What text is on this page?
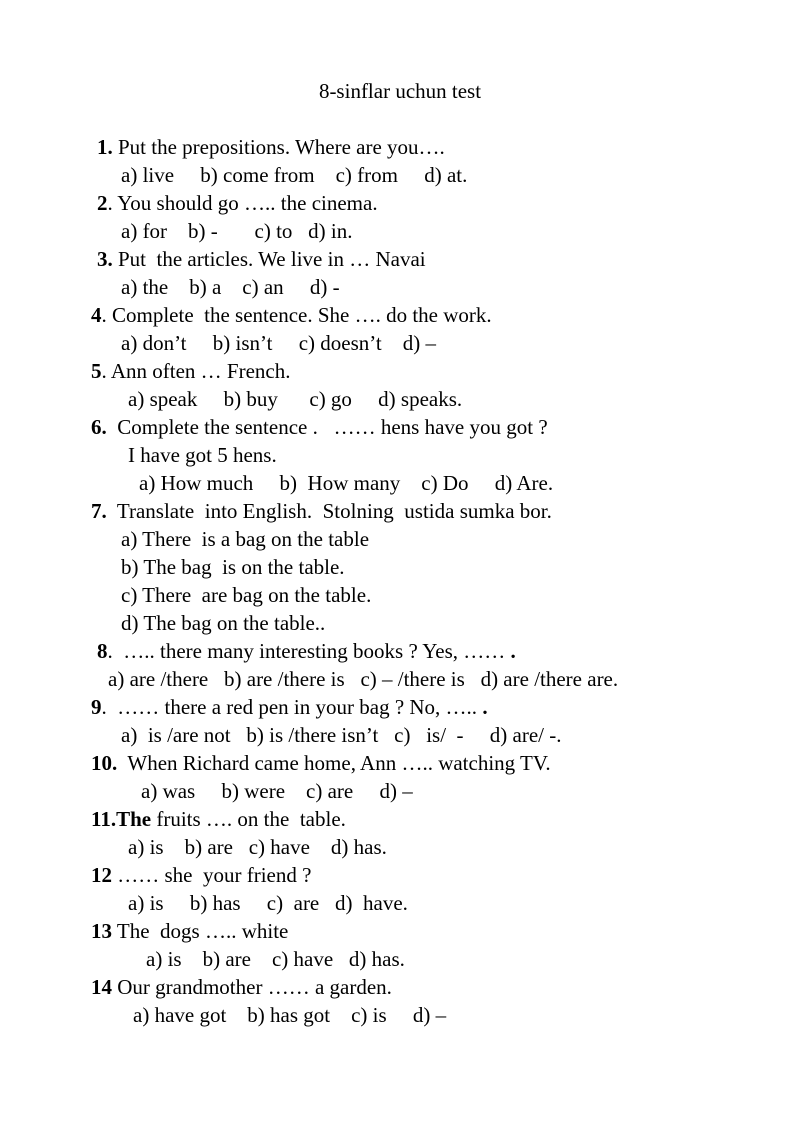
8-sinflar uchun test
1. Put the prepositions. Where are you….
a) live     b) come from    c) from     d) at.
2. You should go ….. the cinema.
a) for    b) -       c) to   d) in.
3. Put  the articles. We live in … Navai
a) the    b) a    c) an     d) -
4. Complete  the sentence. She …. do the work.
a) don’t     b) isn’t     c) doesn’t    d) –
5. Ann often … French.
a) speak     b) buy      c) go     d) speaks.
6.  Complete the sentence .   …… hens have you got ?
I have got 5 hens.
a) How much     b)  How many    c) Do     d) Are.
7.  Translate  into English.  Stolning  ustida sumka bor.
a) There  is a bag on the table
b) The bag  is on the table.
c) There  are bag on the table.
d) The bag on the table..
8.  ….. there many interesting books ? Yes, …… .
a) are /there   b) are /there is   c) – /there is   d) are /there are.
9.  …… there a red pen in your bag ? No, ….. .
a)  is /are not   b) is /there isn’t   c)   is/  -     d) are/ -.
10.  When Richard came home, Ann ….. watching TV.
a) was     b) were    c) are     d) –
11.The fruits …. on the  table.
a) is    b) are   c) have    d) has.
12 …… she  your friend ?
a) is     b) has     c)  are   d)  have.
13 The  dogs ….. white
a) is    b) are    c) have   d) has.
14 Our grandmother …… a garden.
a) have got    b) has got    c) is     d) –
